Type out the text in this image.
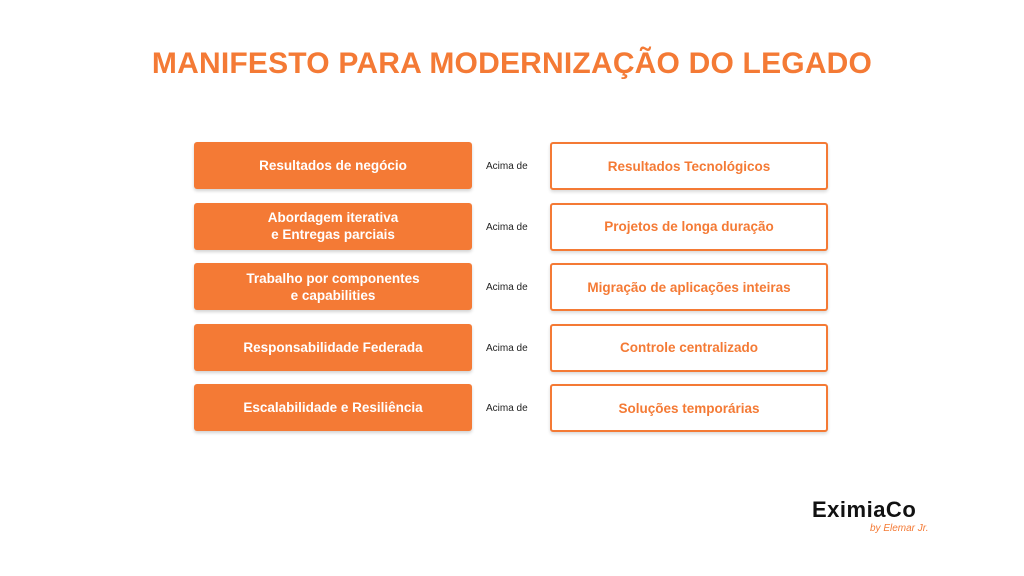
MANIFESTO PARA MODERNIZAÇÃO DO LEGADO
Resultados de negócio	Acima de	Resultados Tecnológicos
Abordagem iterativa
e Entregas parciais	Acima de	Projetos de longa duração
Trabalho por componentes
e capabilities	Acima de	Migração de aplicações inteiras
Responsabilidade Federada	Acima de	Controle centralizado
Escalabilidade e Resiliência	Acima de	Soluções temporárias
EximiaCo
by Elemar Jr.
